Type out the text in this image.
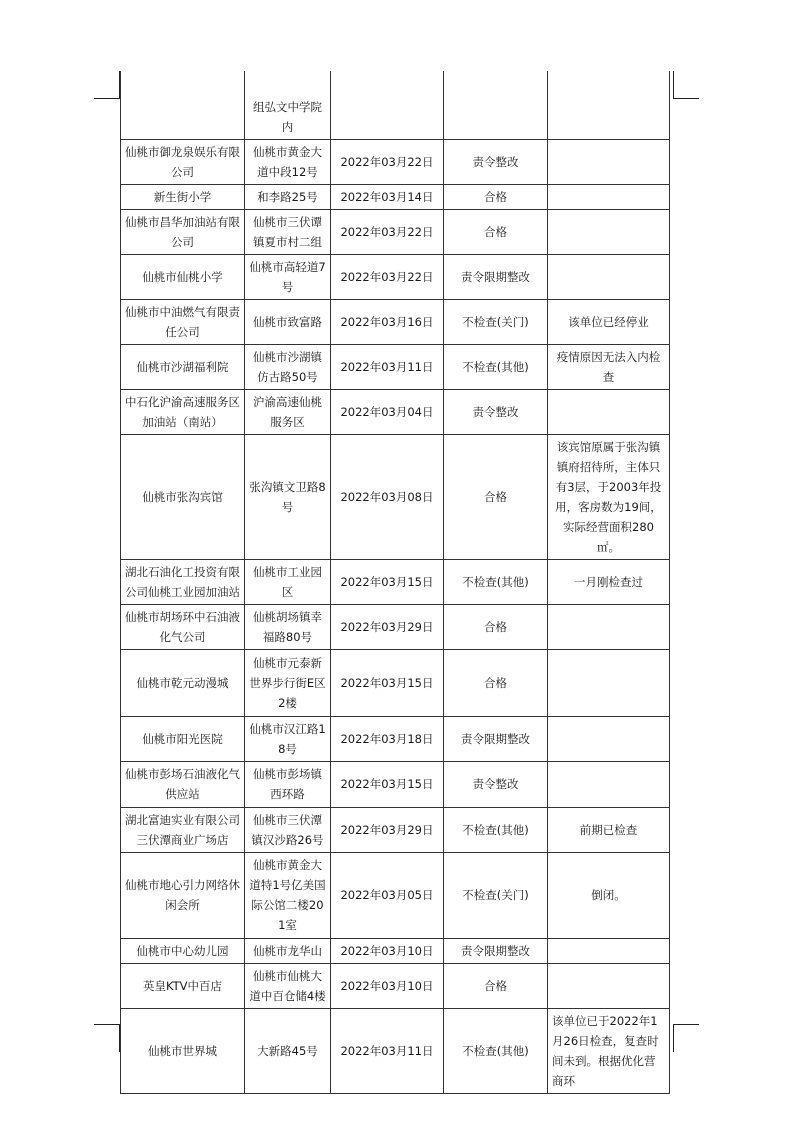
	组弘文中学院内			
仙桃市御龙泉娱乐有限公司	仙桃市黄金大道中段12号	2022年03月22日	责令整改	
新生街小学	和李路25号	2022年03月14日	合格	
仙桃市昌华加油站有限公司	仙桃市三伏谭镇夏市村二组	2022年03月22日	合格	
仙桃市仙桃小学	仙桃市高轻道7号	2022年03月22日	责令限期整改	
仙桃市中油燃气有限责任公司	仙桃市致富路	2022年03月16日	不检查(关门)	该单位已经停业
仙桃市沙湖福利院	仙桃市沙湖镇仿古路50号	2022年03月11日	不检查(其他)	疫情原因无法入内检查
中石化沪渝高速服务区加油站（南站）	沪渝高速仙桃服务区	2022年03月04日	责令整改	
仙桃市张沟宾馆	张沟镇文卫路8号	2022年03月08日	合格	该宾馆原属于张沟镇镇府招待所，主体只有3层，于2003年投用，客房数为19间，实际经营面积280㎡。
湖北石油化工投资有限公司仙桃工业园加油站	仙桃市工业园区	2022年03月15日	不检查(其他)	一月刚检查过
仙桃市胡场环中石油液化气公司	仙桃胡场镇幸福路80号	2022年03月29日	合格	
仙桃市乾元动漫城	仙桃市元泰新世界步行街E区2楼	2022年03月15日	合格	
仙桃市阳光医院	仙桃市汉江路18号	2022年03月18日	责令限期整改	
仙桃市彭场石油液化气供应站	仙桃市彭场镇西环路	2022年03月15日	责令整改	
湖北富迪实业有限公司三伏潭商业广场店	仙桃市三伏潭镇汉沙路26号	2022年03月29日	不检查(其他)	前期已检查
仙桃市地心引力网络休闲会所	仙桃市黄金大道特1号亿美国际公馆二楼201室	2022年03月05日	不检查(关门)	倒闭。
仙桃市中心幼儿园	仙桃市龙华山	2022年03月10日	责令限期整改	
英皇KTV中百店	仙桃市仙桃大道中百仓储4楼	2022年03月10日	合格	
仙桃市世界城	大新路45号	2022年03月11日	不检查(其他)	该单位已于2022年1月26日检查，复查时间未到。根据优化营商环
